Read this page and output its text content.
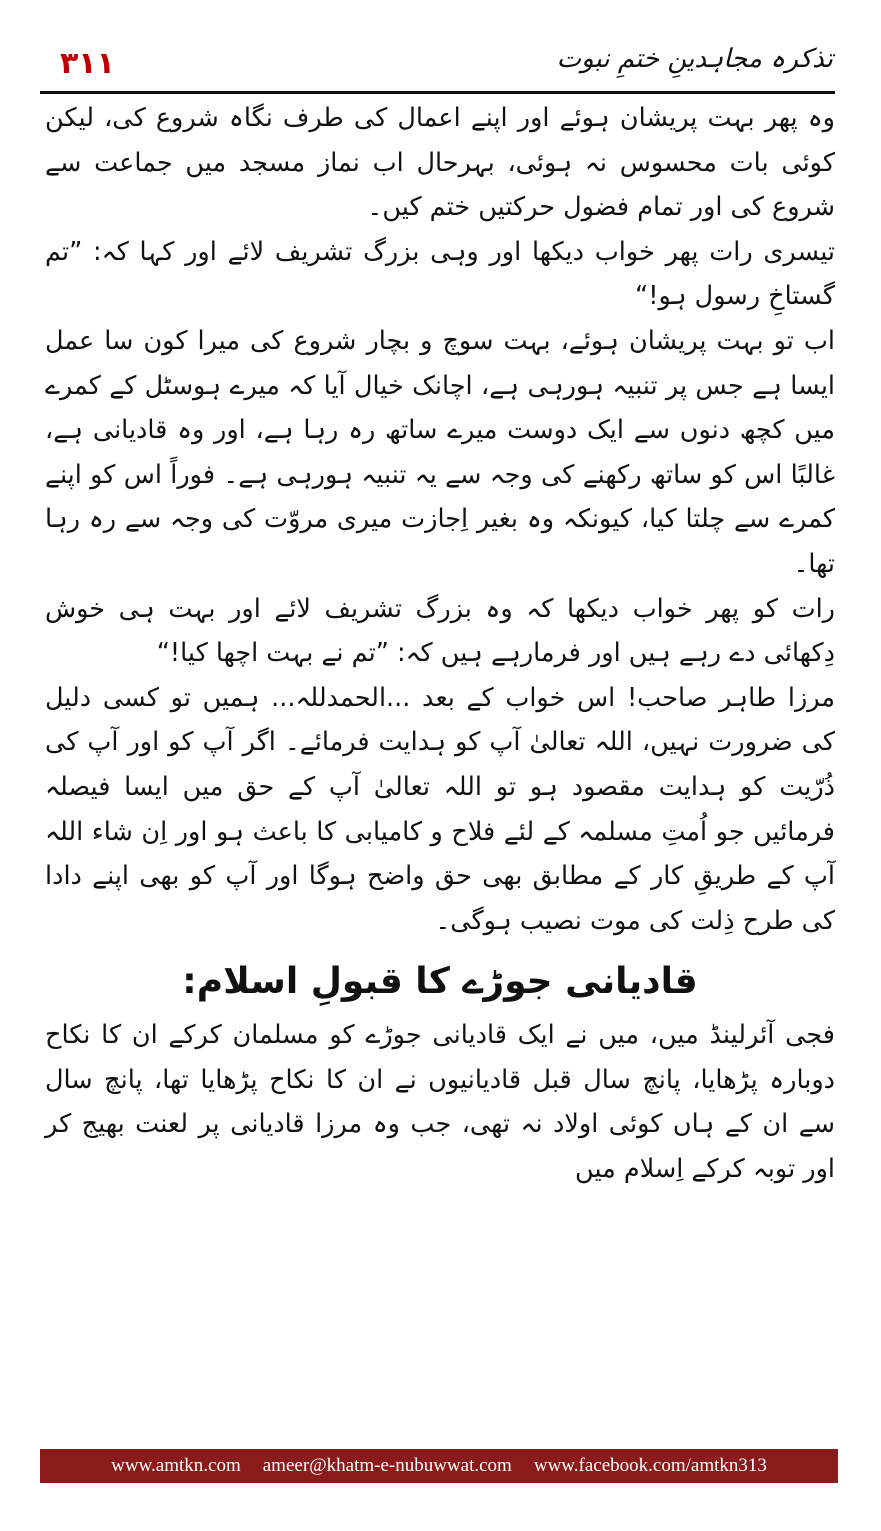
۳۱۱	تذکرہ مجاہدینِ ختمِ نبوت

وہ پھر بہت پریشان ہوئے اور اپنے اعمال کی طرف نگاہ شروع کی، لیکن کوئی بات محسوس نہ ہوئی، بہرحال اب نماز مسجد میں جماعت سے شروع کی اور تمام فضول حرکتیں ختم کیں۔

تیسری رات پھر خواب دیکھا اور وہی بزرگ تشریف لائے اور کہا کہ: ”تم گستاخِ رسول ہو!“

اب تو بہت پریشان ہوئے، بہت سوچ و بچار شروع کی میرا کون سا عمل ایسا ہے جس پر تنبیہ ہورہی ہے، اچانک خیال آیا کہ میرے ہوسٹل کے کمرے میں کچھ دنوں سے ایک دوست میرے ساتھ رہ رہا ہے، اور وہ قادیانی ہے، غالبًا اس کو ساتھ رکھنے کی وجہ سے یہ تنبیہ ہورہی ہے۔ فوراً اس کو اپنے کمرے سے چلتا کیا، کیونکہ وہ بغیر اِجازت میری مروّت کی وجہ سے رہ رہا تھا۔

رات کو پھر خواب دیکھا کہ وہ بزرگ تشریف لائے اور بہت ہی خوش دِکھائی دے رہے ہیں اور فرمارہے ہیں کہ: ”تم نے بہت اچھا کیا!“

مرزا طاہر صاحب! اس خواب کے بعد ...الحمدللہ... ہمیں تو کسی دلیل کی ضرورت نہیں، اللہ تعالیٰ آپ کو ہدایت فرمائے۔ اگر آپ کو اور آپ کی ذُرّیت کو ہدایت مقصود ہو تو اللہ تعالیٰ آپ کے حق میں ایسا فیصلہ فرمائیں جو اُمتِ مسلمہ کے لئے فلاح و کامیابی کا باعث ہو اور اِن شاء اللہ آپ کے طریقِ کار کے مطابق بھی حق واضح ہوگا اور آپ کو بھی اپنے دادا کی طرح ذِلت کی موت نصیب ہوگی۔

قادیانی جوڑے کا قبولِ اسلام:

فجی آئرلینڈ میں، میں نے ایک قادیانی جوڑے کو مسلمان کرکے ان کا نکاح دوبارہ پڑھایا، پانچ سال قبل قادیانیوں نے ان کا نکاح پڑھایا تھا، پانچ سال سے ان کے ہاں کوئی اولاد نہ تھی، جب وہ مرزا قادیانی پر لعنت بھیج کر اور توبہ کرکے اِسلام میں

www.amtkn.com ameer@khatm-e-nubuwwat.com www.facebook.com/amtkn313
